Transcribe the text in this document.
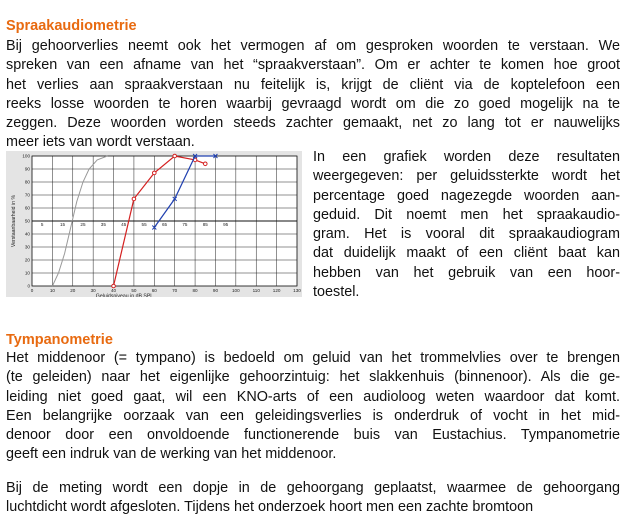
Spraakaudiometrie
Bij gehoorverlies neemt ook het vermogen af om gesproken woorden te verstaan. We
spreken van een afname van het “spraakverstaan”. Om er achter te komen hoe groot
het verlies aan spraakverstaan nu feitelijk is, krijgt de cliënt via de koptelefoon een
reeks losse woorden te horen waarbij gevraagd wordt om die zo goed mogelijk na te
zeggen. Deze woorden worden steeds zachter gemaakt, net zo lang tot er nauwelijks
meer iets van wordt verstaan.
0	10	20	30	40	50	60	70	80	90	100	110	120	130
0
10
20
30
40
50
60
70
80
90
100
5	15	25	35	45	55	65	75	85	95
Geluidsniveau in dB SPL
Verstaanbaarheid in %
In een grafiek worden deze resultaten
weergegeven: per geluidssterkte wordt het
percentage goed nagezegde woorden aan-
geduid. Dit noemt men het spraakaudio-
gram. Het is vooral dit spraakaudiogram
dat duidelijk maakt of een cliënt baat kan
hebben van het gebruik van een hoor-
toestel.
Tympanometrie
Het middenoor (= tympano) is bedoeld om geluid van het trommelvlies over te brengen
(te geleiden) naar het eigenlijke gehoorzintuig: het slakkenhuis (binnenoor). Als die ge-
leiding niet goed gaat, wil een KNO-arts of een audioloog weten waardoor dat komt.
Een belangrijke oorzaak van een geleidingsverlies is onderdruk of vocht in het mid-
denoor door een onvoldoende functionerende buis van Eustachius. Tympanometrie
geeft een indruk van de werking van het middenoor.
Bij de meting wordt een dopje in de gehoorgang geplaatst, waarmee de gehoorgang
luchtdicht wordt afgesloten. Tijdens het onderzoek hoort men een zachte bromtoon
